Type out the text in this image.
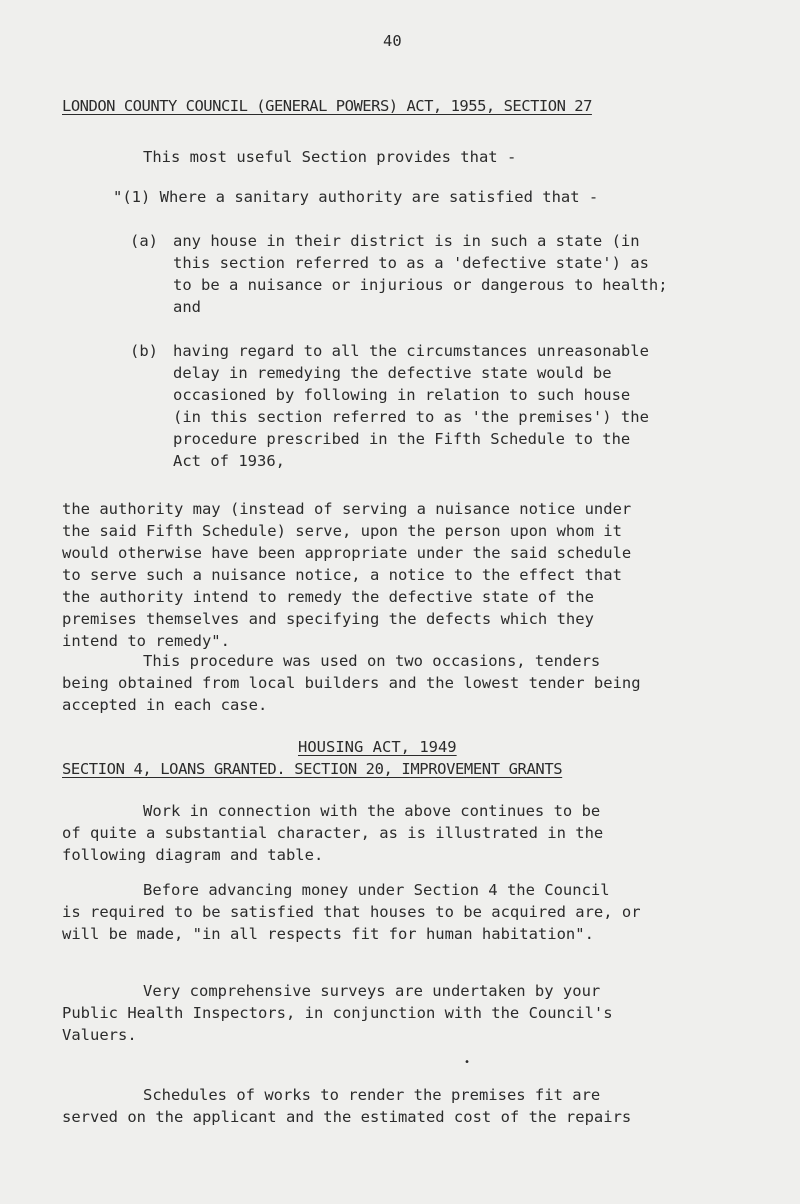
40
LONDON COUNTY COUNCIL (GENERAL POWERS) ACT, 1955, SECTION 27
This most useful Section provides that -
"(1) Where a sanitary authority are satisfied that -
(a) any house in their district is in such a state (in
this section referred to as a 'defective state') as
to be a nuisance or injurious or dangerous to health;
and
(b) having regard to all the circumstances unreasonable
delay in remedying the defective state would be
occasioned by following in relation to such house
(in this section referred to as 'the premises') the
procedure prescribed in the Fifth Schedule to the
Act of 1936,
the authority may (instead of serving a nuisance notice under
the said Fifth Schedule) serve, upon the person upon whom it
would otherwise have been appropriate under the said schedule
to serve such a nuisance notice, a notice to the effect that
the authority intend to remedy the defective state of the
premises themselves and specifying the defects which they
intend to remedy".
This procedure was used on two occasions, tenders
being obtained from local builders and the lowest tender being
accepted in each case.
HOUSING ACT, 1949
SECTION 4, LOANS GRANTED. SECTION 20, IMPROVEMENT GRANTS
Work in connection with the above continues to be
of quite a substantial character, as is illustrated in the
following diagram and table.
Before advancing money under Section 4 the Council
is required to be satisfied that houses to be acquired are, or
will be made, "in all respects fit for human habitation".
Very comprehensive surveys are undertaken by your
Public Health Inspectors, in conjunction with the Council's
Valuers.
•
Schedules of works to render the premises fit are
served on the applicant and the estimated cost of the repairs
